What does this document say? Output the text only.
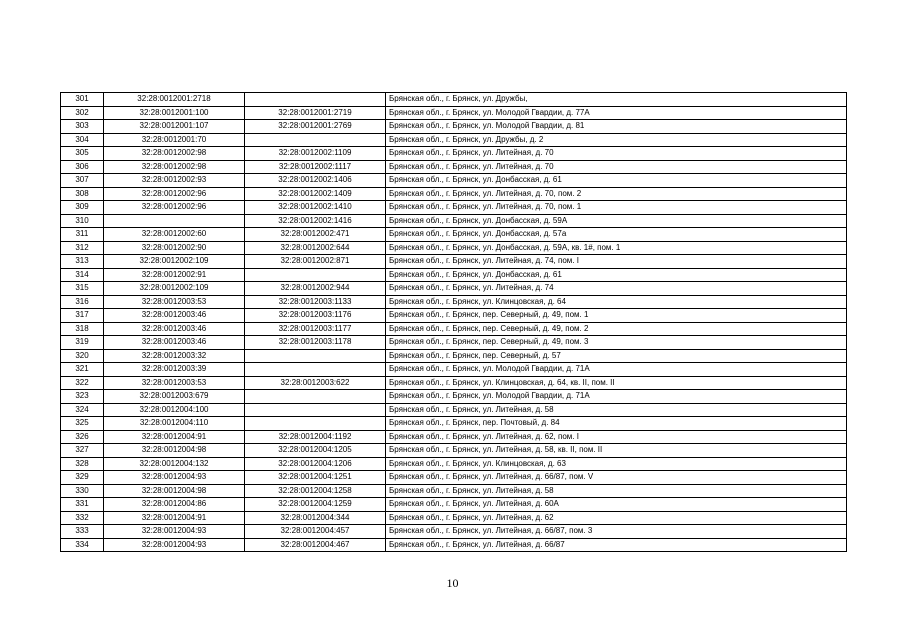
301	32:28:0012001:2718		Брянская обл., г. Брянск, ул. Дружбы,
302	32:28:0012001:100	32:28:0012001:2719	Брянская обл., г. Брянск, ул. Молодой Гвардии, д. 77А
303	32:28:0012001:107	32:28:0012001:2769	Брянская обл., г. Брянск, ул. Молодой Гвардии, д. 81
304	32:28:0012001:70		Брянская обл., г. Брянск, ул. Дружбы, д. 2
305	32:28:0012002:98	32:28:0012002:1109	Брянская обл., г. Брянск, ул. Литейная, д. 70
306	32:28:0012002:98	32:28:0012002:1117	Брянская обл., г. Брянск, ул. Литейная, д. 70
307	32:28:0012002:93	32:28:0012002:1406	Брянская обл., г. Брянск, ул. Донбасская, д. 61
308	32:28:0012002:96	32:28:0012002:1409	Брянская обл., г. Брянск, ул. Литейная, д. 70, пом. 2
309	32:28:0012002:96	32:28:0012002:1410	Брянская обл., г. Брянск, ул. Литейная, д. 70, пом. 1
310		32:28:0012002:1416	Брянская обл., г. Брянск, ул. Донбасская, д. 59А
311	32:28:0012002:60	32:28:0012002:471	Брянская обл., г. Брянск, ул. Донбасская, д. 57а
312	32:28:0012002:90	32:28:0012002:644	Брянская обл., г. Брянск, ул. Донбасская, д. 59А, кв. 1#, пом. 1
313	32:28:0012002:109	32:28:0012002:871	Брянская обл., г. Брянск, ул. Литейная, д. 74, пом. I
314	32:28:0012002:91		Брянская обл., г. Брянск, ул. Донбасская, д. 61
315	32:28:0012002:109	32:28:0012002:944	Брянская обл., г. Брянск, ул. Литейная, д. 74
316	32:28:0012003:53	32:28:0012003:1133	Брянская обл., г. Брянск, ул. Клинцовская, д. 64
317	32:28:0012003:46	32:28:0012003:1176	Брянская обл., г. Брянск, пер. Северный, д. 49, пом. 1
318	32:28:0012003:46	32:28:0012003:1177	Брянская обл., г. Брянск, пер. Северный, д. 49, пом. 2
319	32:28:0012003:46	32:28:0012003:1178	Брянская обл., г. Брянск, пер. Северный, д. 49, пом. 3
320	32:28:0012003:32		Брянская обл., г. Брянск, пер. Северный, д. 57
321	32:28:0012003:39		Брянская обл., г. Брянск, ул. Молодой Гвардии, д. 71А
322	32:28:0012003:53	32:28:0012003:622	Брянская обл., г. Брянск, ул. Клинцовская, д. 64, кв. II, пом. II
323	32:28:0012003:679		Брянская обл., г. Брянск, ул. Молодой Гвардии, д. 71А
324	32:28:0012004:100		Брянская обл., г. Брянск, ул. Литейная, д. 58
325	32:28:0012004:110		Брянская обл., г. Брянск, пер. Почтовый, д. 84
326	32:28:0012004:91	32:28:0012004:1192	Брянская обл., г. Брянск, ул. Литейная, д. 62, пом. I
327	32:28:0012004:98	32:28:0012004:1205	Брянская обл., г. Брянск, ул. Литейная, д. 58, кв. II, пом. II
328	32:28:0012004:132	32:28:0012004:1206	Брянская обл., г. Брянск, ул. Клинцовская, д. 63
329	32:28:0012004:93	32:28:0012004:1251	Брянская обл., г. Брянск, ул. Литейная, д. 66/87, пом. V
330	32:28:0012004:98	32:28:0012004:1258	Брянская обл., г. Брянск, ул. Литейная, д. 58
331	32:28:0012004:86	32:28:0012004:1259	Брянская обл., г. Брянск, ул. Литейная, д. 60А
332	32:28:0012004:91	32:28:0012004:344	Брянская обл., г. Брянск, ул. Литейная, д. 62
333	32:28:0012004:93	32:28:0012004:457	Брянская обл., г. Брянск, ул. Литейная, д. 66/87, пом. 3
334	32:28:0012004:93	32:28:0012004:467	Брянская обл., г. Брянск, ул. Литейная, д. 66/87
10
